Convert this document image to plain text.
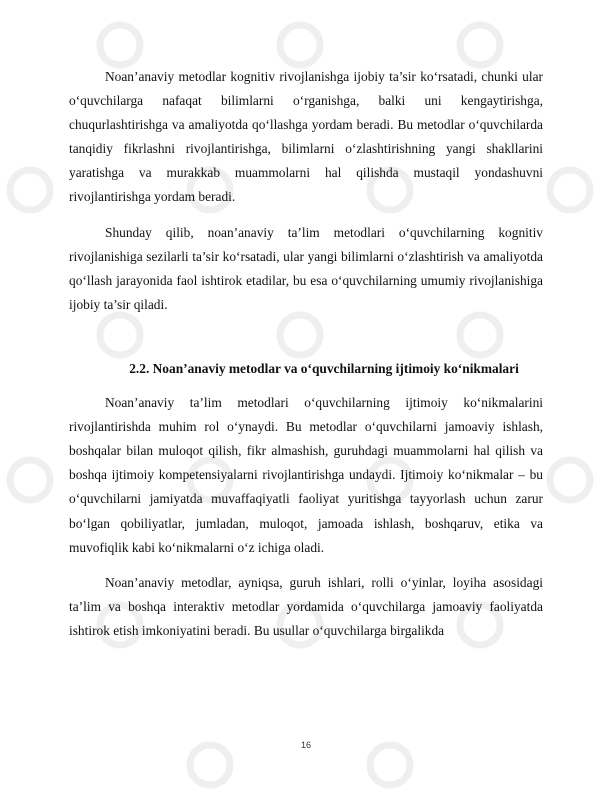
Noan’anaviy metodlar kognitiv rivojlanishga ijobiy ta’sir ko‘rsatadi, chunki ular o‘quvchilarga nafaqat bilimlarni o‘rganishga, balki uni kengaytirishga, chuqurlashtirishga va amaliyotda qo‘llashga yordam beradi. Bu metodlar o‘quvchilarda tanqidiy fikrlashni rivojlantirishga, bilimlarni o‘zlashtirishning yangi shakllarini yaratishga va murakkab muammolarni hal qilishda mustaqil yondashuvni rivojlantirishga yordam beradi.

Shunday qilib, noan’anaviy ta’lim metodlari o‘quvchilarning kognitiv rivojlanishiga sezilarli ta’sir ko‘rsatadi, ular yangi bilimlarni o‘zlashtirish va amaliyotda qo‘llash jarayonida faol ishtirok etadilar, bu esa o‘quvchilarning umumiy rivojlanishiga ijobiy ta’sir qiladi.

2.2. Noan’anaviy metodlar va o‘quvchilarning ijtimoiy ko‘nikmalari

Noan’anaviy ta’lim metodlari o‘quvchilarning ijtimoiy ko‘nikmalarini rivojlantirishda muhim rol o‘ynaydi. Bu metodlar o‘quvchilarni jamoaviy ishlash, boshqalar bilan muloqot qilish, fikr almashish, guruhdagi muammolarni hal qilish va boshqa ijtimoiy kompetensiyalarni rivojlantirishga undaydi. Ijtimoiy ko‘nikmalar – bu o‘quvchilarni jamiyatda muvaffaqiyatli faoliyat yuritishga tayyorlash uchun zarur bo‘lgan qobiliyatlar, jumladan, muloqot, jamoada ishlash, boshqaruv, etika va muvofiqlik kabi ko‘nikmalarni o‘z ichiga oladi.

Noan’anaviy metodlar, ayniqsa, guruh ishlari, rolli o‘yinlar, loyiha asosidagi ta’lim va boshqa interaktiv metodlar yordamida o‘quvchilarga jamoaviy faoliyatda ishtirok etish imkoniyatini beradi. Bu usullar o‘quvchilarga birgalikda

16
